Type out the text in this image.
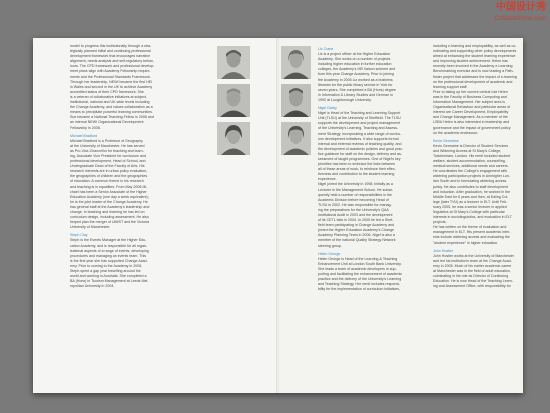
中国设计秀
CnWebShow.com
model to progress this institutionally through a stra-
tegically planned initial and continuing professional
development framework that encourages narrative
alignment, needs analysis and self-regulatory behav-
iours. The CPD framework and professional develop-
ment plans align with Academy Fellowship require-
ments and the Professional Standards Framework.
Through her leadership, NEWI became the first HEI
in Wales and second in the UK to achieve Academy
accredited status of their CPD framework. She
is a veteran of collaborative initiatives at subject,
institutional, national and UK-wide levels including
the Change Academy, and values collaboration as a
means to precipitate powerful learning communities.
Sue became a National Teaching Fellow in 2006 and
an internal NEWI Organizational Development
Fellowship in 2008.
Michael Bradford
Michael Bradford is a Professor of Geography
at the University of Manchester. He has served
as Pro-Vice-Chancellor for teaching and learn-
ing, Associate Vice President for curriculum and
professional development, Head of School, and
Undergraduate Dean of the Faculty of Arts. His
research interests are in urban policy evaluation,
the geographies of children and the geographies
of education. A common theme in his research
and teaching is in equalities. From May 2008 Mi-
chael has been a Senior Associate of the Higher
Education Academy (one day a week equivalent);
he is the joint leader of the Change Academy. He
has general staff at the Academy's leadership and
change, in teaching and learning he has led on
curriculum design, including assessment. He also
helped plan the merger of UMIST and the Victoria
University of Manchester.
Steph Clay
Steph is the Events Manager at the Higher Edu-
cation Academy, and is responsible for all organ-
isational aspects of a range of events, developing
procedures and managing an events team. This
is the first year she has supported Change Acad-
emy. Prior to coming to the Academy in 2006,
Steph spent a gap year travelling around the
world and working in Australia. She completed a
BA (Hons) in Tourism Management at Leeds Met-
ropolitan University in 2004.
Liz Crane
Liz is a project officer at the Higher Education
Academy. She works on a number of projects
including higher education in further education
colleges, the Academy's HEI liaison scheme and
from this year Change Academy. Prior to joining
the Academy in 2005 Liz worked as a business
librarian for the public library service in York for
seven years. She completed a BA (Hons) degree
in Information & Library Studies and German in
1992 at Loughborough University.
Nigel Darby
Nigel is Head of the Teaching and Learning Support
Unit (TLSU) at the University of Sheffield. The TLSU
supports the development and project management
of the University's Learning, Teaching and Assess-
ment Strategy, incorporating a wide range of curricu-
lum development initiatives. It also supports formal
internal and external reviews of teaching quality, and
the development of academic policies and good prac-
tice guidance for staff on the design, delivery and as-
sessment of taught programmes. One of Nigel's key
priorities has been to embrace the links between
all of these areas of work, to reinforce their effec-
tiveness and contribution to the student learning
experience.
Nigel joined the University in 1998, initially as a
Lecturer in the Management School. He subse-
quently held a number of responsibilities in the
Academic Division before becoming Head of
TLSU in 2002. He was responsible for manag-
ing the preparations for the University's QAA
Institutional Audit in 2003 and the development
of its CETL bids in 2004. In 2005 he led a Shef-
field team participating in Change Academy and
joined the Higher Education Academy's Change
Academy Planning Team in 2006. Nigel is also a
member of the national Quality Strategy Network
steering group.
Helen George
Helen George is Head of the Learning & Teaching
Enhancement Unit at London South Bank University.
She leads a team of academic developers in sup-
porting and facilitating the enhancement of academic
practice and the delivery of the University's Learning
and Teaching Strategy. Her remit includes responsi-
bility for the implementation of curriculum initiatives,
including e-learning and employability, as well as co-
ordinating and supporting other policy developments
aimed at enhancing the student learning experience
and improving student achievement. Helen has
recently been involved in the Academy e-Learning
Benchmarking exercise and is now leading a Path-
finder project that addresses the impact of e-learning
on the professional development of academic and
learning support staff.
Prior to taking up her current central role Helen
was in the Faculty of Business Computing and
Information Management. Her subject area is
Organisational Behaviour and particular areas of
interest are Career Development, Employability
and Change Management. As a member of the
LSBU Helen is also interested in leadership and
governance and the impact of government policy
on the academic endeavour.
Kevin Germaine
Kevin Germaine is Director of Student Services
and Widening Access at St Mary's College,
Twickenham, London. His remit included student
welfare, student accommodation, counselling,
medical services, additional needs and careers.
He coordinates the College's engagement with
widening participation projects in Aimhigher Lon-
don South and in formulating widening access
policy. He also contributes to staff development
and induction. After graduation, he worked in the
Middle East for 6 years and then, at Ealing Col-
lege (later TVU) as a lecturer in ELT. Until Feb-
ruary 2005, he was a senior lecturer in applied
linguistics at St Mary's College with particular
interests in sociolinguistics, and evaluation in ELT
projects.
He has written on the theme of evaluation and
management in ELT. His present academic inter-
ests include widening access and evaluating the
"student experience" in higher education.
John Hostler
John Hostler works at the University of Manchester
and led his institution's team at the Change Acad-
emy in 2005. Much of his earlier academic career
at Manchester was in the field of adult education,
culminating in his role as Director of Continuing
Education. He is now Head of the Teaching Learn-
ing and Assessment Office, with responsibility for
